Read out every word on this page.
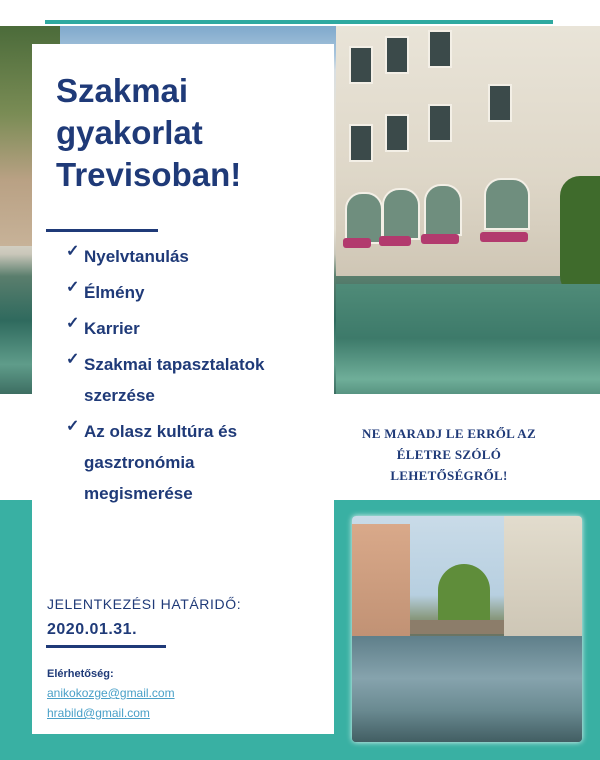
Szakmai
gyakorlat
Trevisoban!
✓ Nyelvtanulás
✓ Élmény
✓ Karrier
✓ Szakmai tapasztalatok
szerzése
✓ Az olasz kultúra és
gasztronómia
megismerése
JELENTKEZÉSI HATÁRIDŐ:
2020.01.31.
Elérhetőség:
anikokozge@gmail.com
hrabild@gmail.com

NE MARADJ LE ERRŐL AZ
ÉLETRE SZÓLÓ
LEHETŐSÉGRŐL!
